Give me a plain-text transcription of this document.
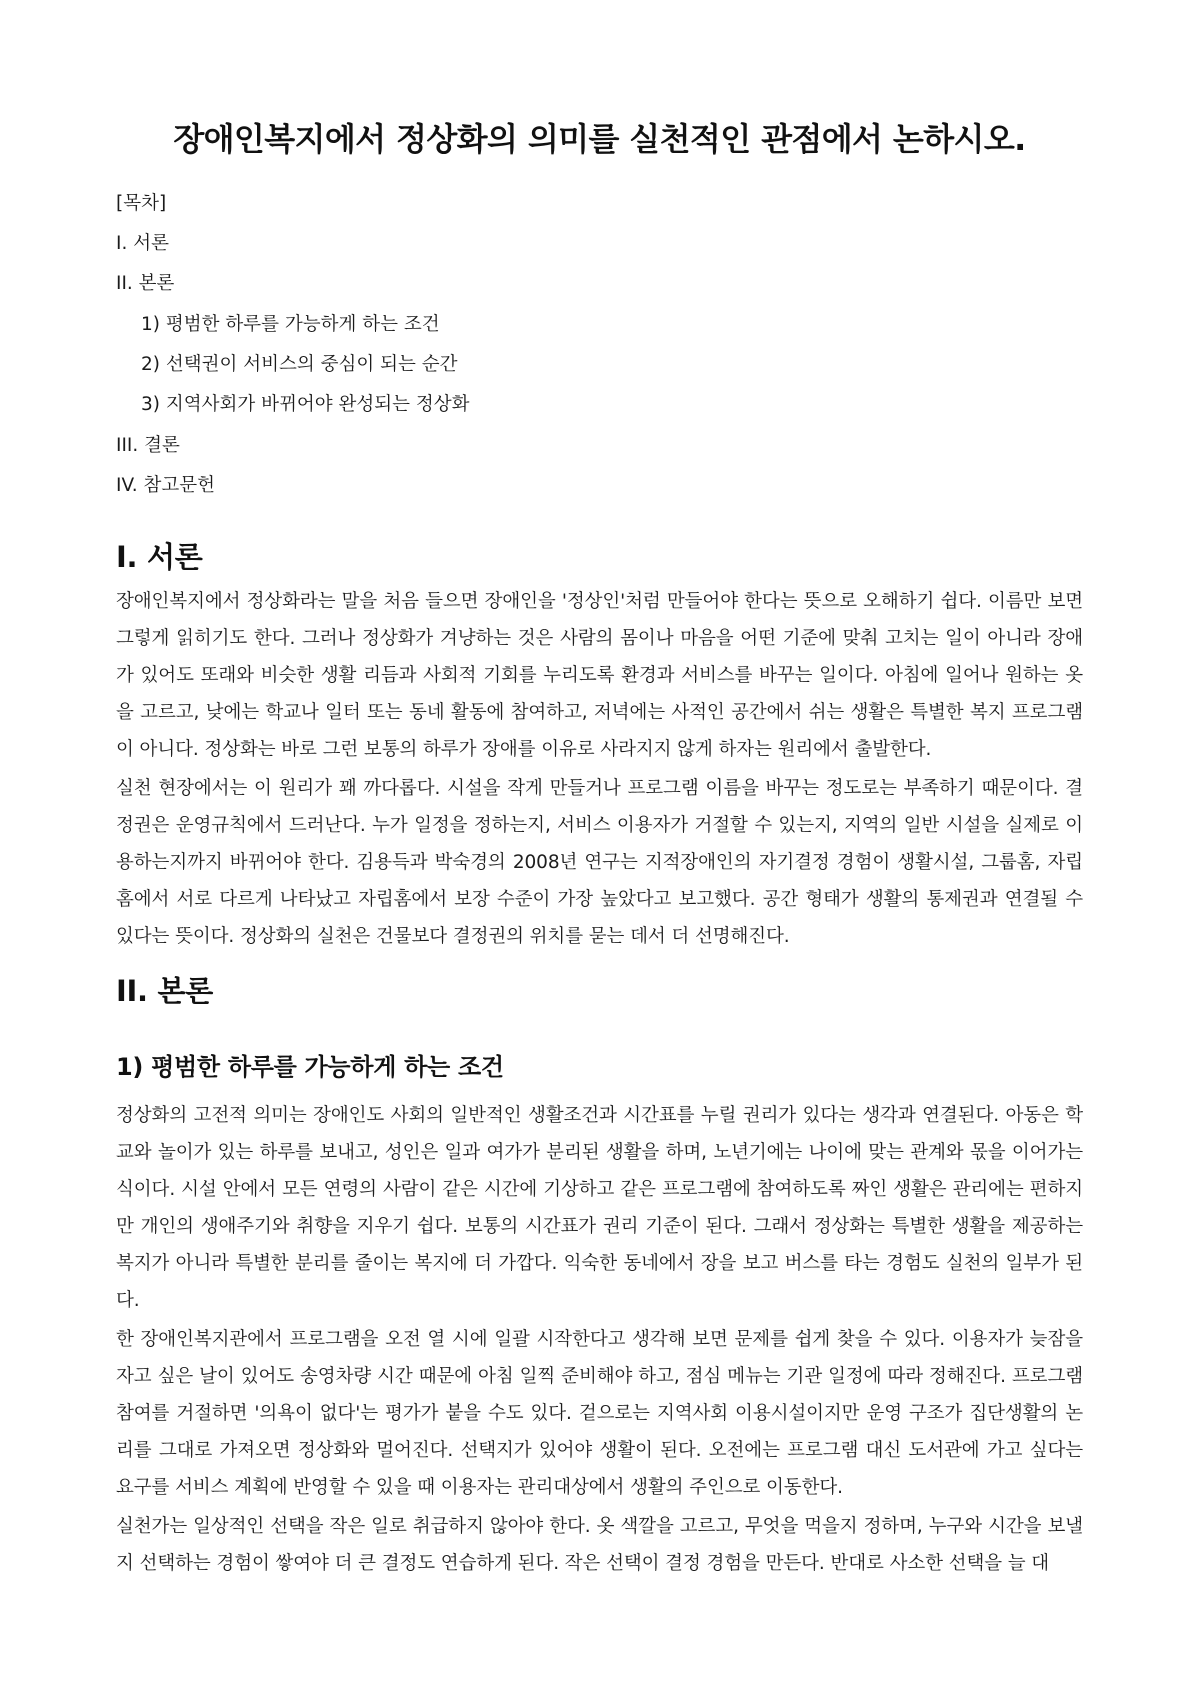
장애인복지에서 정상화의 의미를 실천적인 관점에서 논하시오.

[목차]

I. 서론

II. 본론

1) 평범한 하루를 가능하게 하는 조건

2) 선택권이 서비스의 중심이 되는 순간

3) 지역사회가 바뀌어야 완성되는 정상화

III. 결론

IV. 참고문헌

I. 서론

장애인복지에서 정상화라는 말을 처음 들으면 장애인을 '정상인'처럼 만들어야 한다는 뜻으로 오해하기 쉽다. 이름만 보면 그렇게 읽히기도 한다. 그러나 정상화가 겨냥하는 것은 사람의 몸이나 마음을 어떤 기준에 맞춰 고치는 일이 아니라 장애가 있어도 또래와 비슷한 생활 리듬과 사회적 기회를 누리도록 환경과 서비스를 바꾸는 일이다. 아침에 일어나 원하는 옷을 고르고, 낮에는 학교나 일터 또는 동네 활동에 참여하고, 저녁에는 사적인 공간에서 쉬는 생활은 특별한 복지 프로그램이 아니다. 정상화는 바로 그런 보통의 하루가 장애를 이유로 사라지지 않게 하자는 원리에서 출발한다.

실천 현장에서는 이 원리가 꽤 까다롭다. 시설을 작게 만들거나 프로그램 이름을 바꾸는 정도로는 부족하기 때문이다. 결정권은 운영규칙에서 드러난다. 누가 일정을 정하는지, 서비스 이용자가 거절할 수 있는지, 지역의 일반 시설을 실제로 이용하는지까지 바뀌어야 한다. 김용득과 박숙경의 2008년 연구는 지적장애인의 자기결정 경험이 생활시설, 그룹홈, 자립홈에서 서로 다르게 나타났고 자립홈에서 보장 수준이 가장 높았다고 보고했다. 공간 형태가 생활의 통제권과 연결될 수 있다는 뜻이다. 정상화의 실천은 건물보다 결정권의 위치를 묻는 데서 더 선명해진다.

II. 본론
1) 평범한 하루를 가능하게 하는 조건

정상화의 고전적 의미는 장애인도 사회의 일반적인 생활조건과 시간표를 누릴 권리가 있다는 생각과 연결된다. 아동은 학교와 놀이가 있는 하루를 보내고, 성인은 일과 여가가 분리된 생활을 하며, 노년기에는 나이에 맞는 관계와 몫을 이어가는 식이다. 시설 안에서 모든 연령의 사람이 같은 시간에 기상하고 같은 프로그램에 참여하도록 짜인 생활은 관리에는 편하지만 개인의 생애주기와 취향을 지우기 쉽다. 보통의 시간표가 권리 기준이 된다. 그래서 정상화는 특별한 생활을 제공하는 복지가 아니라 특별한 분리를 줄이는 복지에 더 가깝다. 익숙한 동네에서 장을 보고 버스를 타는 경험도 실천의 일부가 된다.

한 장애인복지관에서 프로그램을 오전 열 시에 일괄 시작한다고 생각해 보면 문제를 쉽게 찾을 수 있다. 이용자가 늦잠을 자고 싶은 날이 있어도 송영차량 시간 때문에 아침 일찍 준비해야 하고, 점심 메뉴는 기관 일정에 따라 정해진다. 프로그램 참여를 거절하면 '의욕이 없다'는 평가가 붙을 수도 있다. 겉으로는 지역사회 이용시설이지만 운영 구조가 집단생활의 논리를 그대로 가져오면 정상화와 멀어진다. 선택지가 있어야 생활이 된다. 오전에는 프로그램 대신 도서관에 가고 싶다는 요구를 서비스 계획에 반영할 수 있을 때 이용자는 관리대상에서 생활의 주인으로 이동한다.

실천가는 일상적인 선택을 작은 일로 취급하지 않아야 한다. 옷 색깔을 고르고, 무엇을 먹을지 정하며, 누구와 시간을 보낼지 선택하는 경험이 쌓여야 더 큰 결정도 연습하게 된다. 작은 선택이 결정 경험을 만든다. 반대로 사소한 선택을 늘 대
